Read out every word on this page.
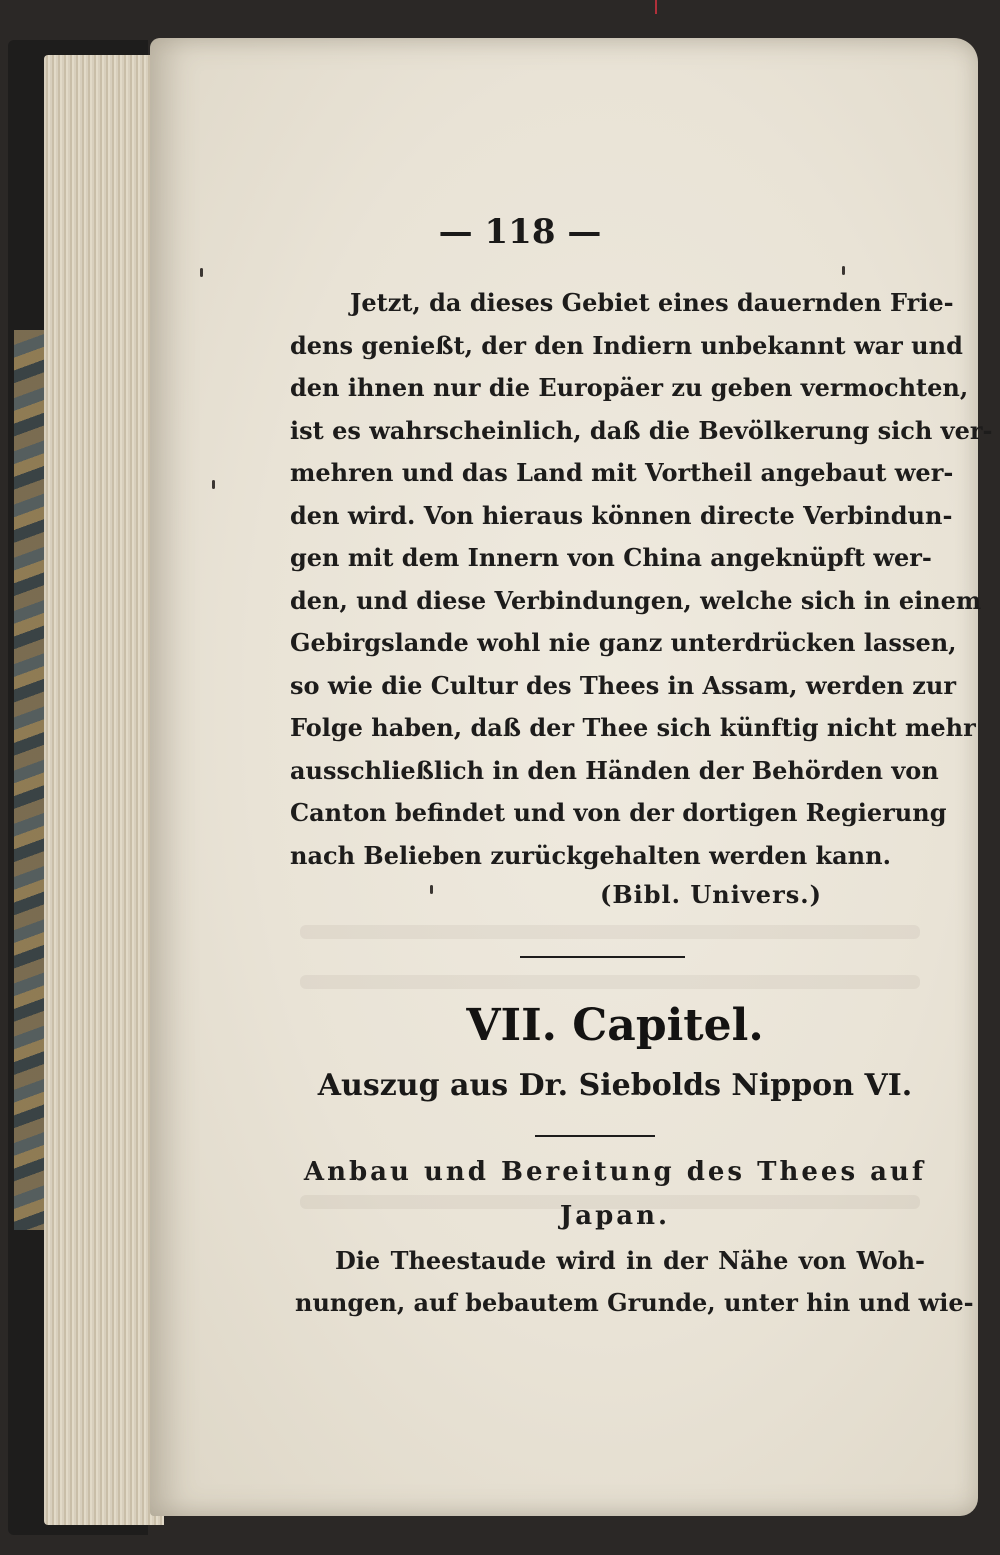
— 118 —
Jetzt, da dieses Gebiet eines dauernden Frie-
dens genießt, der den Indiern unbekannt war und
den ihnen nur die Europäer zu geben vermochten,
ist es wahrscheinlich, daß die Bevölkerung sich ver-
mehren und das Land mit Vortheil angebaut wer-
den wird. Von hieraus können directe Verbindun-
gen mit dem Innern von China angeknüpft wer-
den, und diese Verbindungen, welche sich in einem
Gebirgslande wohl nie ganz unterdrücken lassen,
so wie die Cultur des Thees in Assam, werden zur
Folge haben, daß der Thee sich künftig nicht mehr
ausschließlich in den Händen der Behörden von
Canton befindet und von der dortigen Regierung
nach Belieben zurückgehalten werden kann.
(Bibl. Univers.)
VII. Capitel.
Auszug aus Dr. Siebolds Nippon VI.
Anbau und Bereitung des Thees auf
Japan.
Die Theestaude wird in der Nähe von Woh-
nungen, auf bebautem Grunde, unter hin und wie-
